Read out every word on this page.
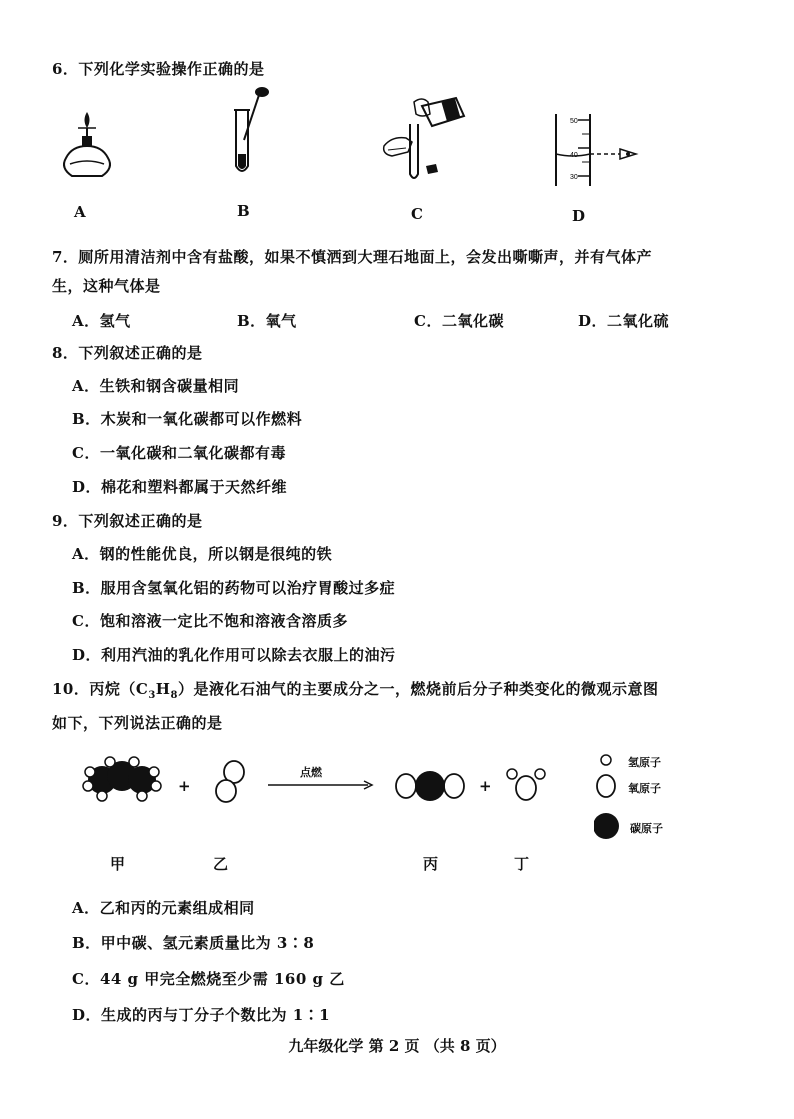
6．下列化学实验操作正确的是
A	B	C
50
40
30
D
7．厕所用清洁剂中含有盐酸，如果不慎洒到大理石地面上，会发出嘶嘶声，并有气体产
生，这种气体是
A．氢气	B．氧气	C．二氧化碳	D．二氧化硫
8．下列叙述正确的是
A．生铁和钢含碳量相同
B．木炭和一氧化碳都可以作燃料
C．一氧化碳和二氧化碳都有毒
D．棉花和塑料都属于天然纤维
9．下列叙述正确的是
A．钢的性能优良，所以钢是很纯的铁
B．服用含氢氧化铝的药物可以治疗胃酸过多症
C．饱和溶液一定比不饱和溶液含溶质多
D．利用汽油的乳化作用可以除去衣服上的油污
10．丙烷$(C_3H_8)$是液化石油气的主要成分之一，燃烧前后分子种类变化的微观示意图
如下，下列说法正确的是
+
点燃
+
氢原子
氧原子
碳原子
甲	乙	丙	丁
A．乙和丙的元素组成相同
B．甲中碳、氢元素质量比为 3∶8
C．44 g 甲完全燃烧至少需 160 g 乙
D．生成的丙与丁分子个数比为 1∶1
九年级化学 第 2 页 （共 8 页）
